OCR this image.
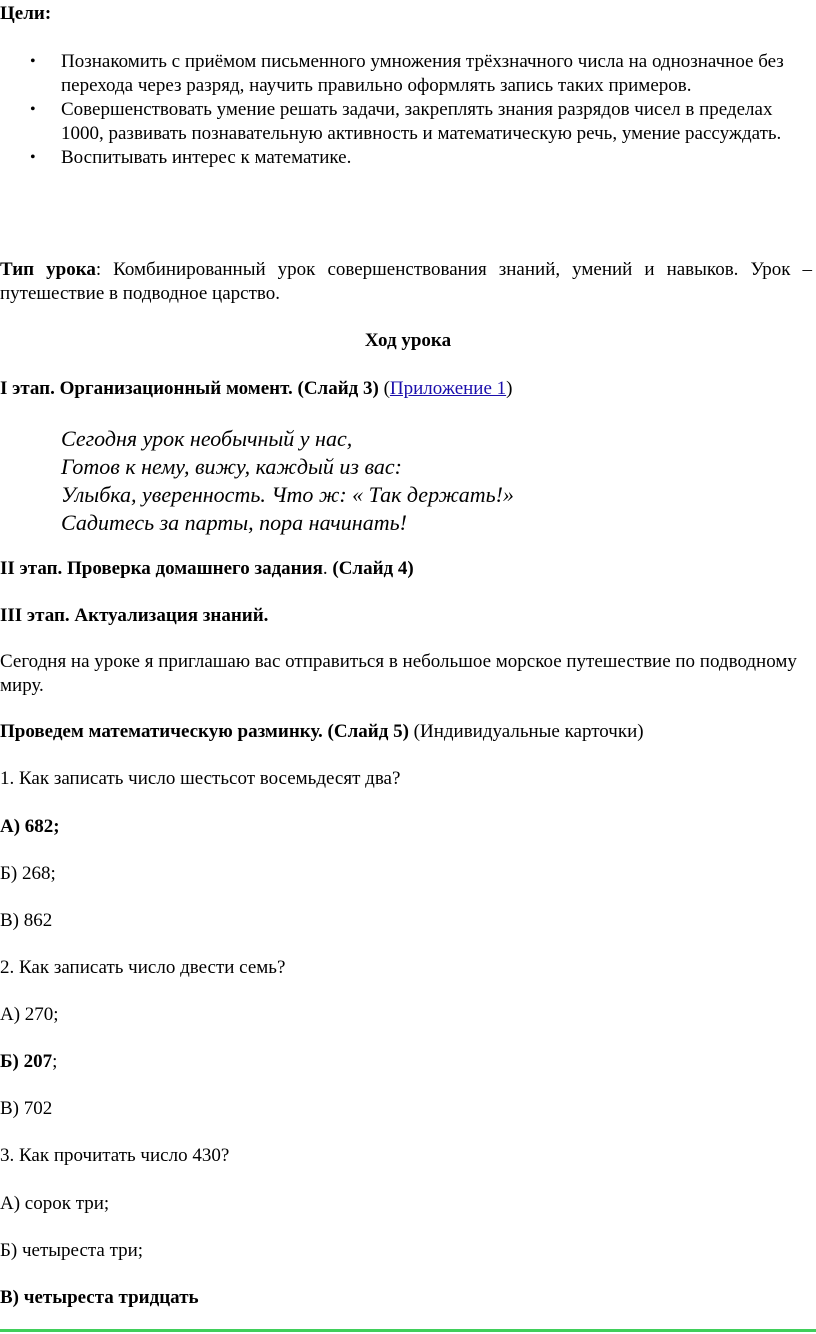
Цели:
• Познакомить с приёмом письменного умножения трёхзначного числа на однозначное без перехода через разряд, научить правильно оформлять запись таких примеров.
• Совершенствовать умение решать задачи, закреплять знания разрядов чисел в пределах 1000, развивать познавательную активность и математическую речь, умение рассуждать.
• Воспитывать интерес к математике.
Тип урока: Комбинированный урок совершенствования знаний, умений и навыков. Урок – путешествие в подводное царство.
Ход урока
I этап. Организационный момент. (Слайд 3) (Приложение 1)
Сегодня урок необычный у нас,
Готов к нему, вижу, каждый из вас:
Улыбка, уверенность. Что ж: « Так держать!»
Садитесь за парты, пора начинать!
II этап. Проверка домашнего задания. (Слайд 4)
III этап. Актуализация знаний.
Сегодня на уроке я приглашаю вас отправиться в небольшое морское путешествие по подводному миру.
Проведем математическую разминку. (Слайд 5) (Индивидуальные карточки)
1. Как записать число шестьсот восемьдесят два?
А) 682;
Б) 268;
В) 862
2. Как записать число двести семь?
А) 270;
Б) 207;
В) 702
3. Как прочитать число 430?
А) сорок три;
Б) четыреста три;
В) четыреста тридцать
